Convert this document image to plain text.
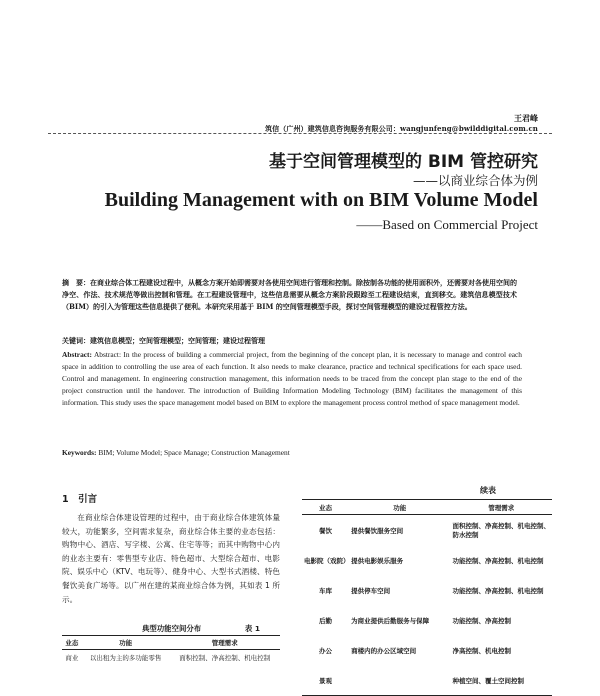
王君峰
筑信（广州）建筑信息咨询服务有限公司：wangjunfeng@bwilddigital.com.cn
基于空间管理模型的 BIM 管控研究
——以商业综合体为例
Building Management with on BIM Volume Model
——Based on Commercial Project
摘　要：在商业综合体工程建设过程中，从概念方案开始即需要对各使用空间进行管理和控制。除按制各功能的使用面积外，还需要对各使用空间的净空、作法、技术规范等做出控制和管理。在工程建设管理中，这些信息需要从概念方案阶段跟踪至工程建设结束，直到移交。建筑信息模型技术（BIM）的引入为管理这些信息提供了便利。本研究采用基于 BIM 的空间管理模型手段，探讨空间管理模型的建设过程管控方法。
关键词：建筑信息模型；空间管理模型；空间管理；建设过程管理
Abstract: Abstract: In the process of building a commercial project, from the beginning of the concept plan, it is necessary to manage and control each space in addition to controlling the use area of each function. It also needs to make clearance, practice and technical specifications for each space used. Control and management. In engineering construction management, this information needs to be traced from the concept plan stage to the end of the project construction until the handover. The introduction of Building Information Modeling Technology (BIM) facilitates the management of this information. This study uses the space management model based on BIM to explore the management process control method of space management model.
Keywords: BIM; Volume Model; Space Manage; Construction Management
1　引言

在商业综合体建设管理的过程中，由于商业综合体建筑体量较大，功能繁多，空间需求复杂，商业综合体主要的业态包括：购物中心、酒店、写字楼、公寓、住宅等等；而其中购物中心内的业态主要有：零售型专业店、特色超市、大型综合超市、电影院、娱乐中心（KTV、电玩等）、健身中心、大型书式酒楼、特色餐饮美食广场等。以广州在建的某商业综合体为例，其如表 1 所示。

典型功能空间分布	表 1
业态	功能	管理需求
商业	以出租为主的多功能零售	面积控制、净高控制、机电控制
续表
业态	功能	管理需求
餐饮	提供餐饮服务空间	面积控制、净高控制、机电控制、防水控制
电影院（戏院）	提供电影娱乐服务	功能控制、净高控制、机电控制
车库	提供停车空间	功能控制、净高控制、机电控制
后勤	为商业提供后勤服务与保障	功能控制、净高控制
办公	商楼内的办公区域空间	净高控制、机电控制
景观		种植空间、覆土空间控制
